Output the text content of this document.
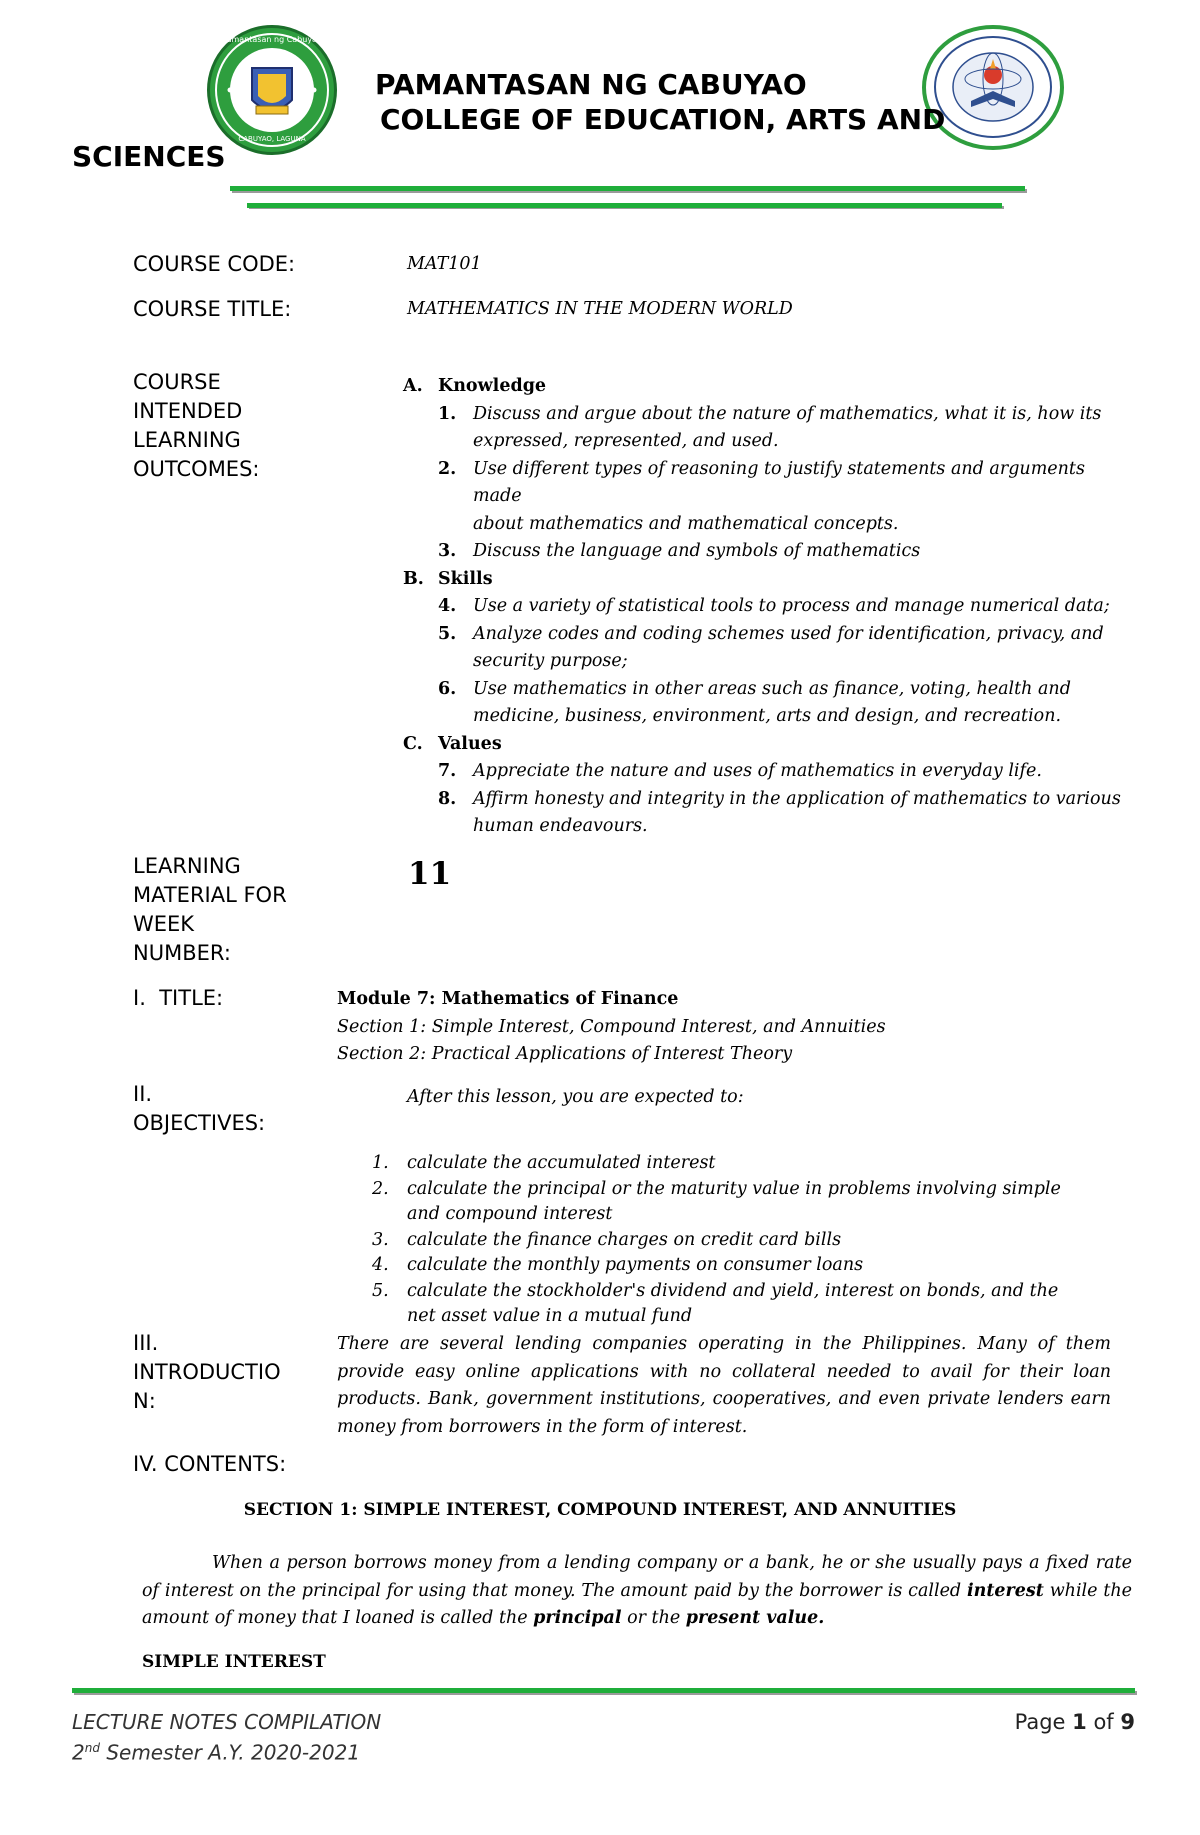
Pamantasan ng Cabuyao
CABUYAO, LAGUNA
PAMANTASAN NG CABUYAO
COLLEGE OF EDUCATION, ARTS AND
SCIENCES
COURSE CODE:	MAT101
COURSE TITLE:	MATHEMATICS IN THE MODERN WORLD
COURSE
INTENDED
LEARNING
OUTCOMES:
A. Knowledge
1. Discuss and argue about the nature of mathematics, what it is, how its
expressed, represented, and used.
2. Use different types of reasoning to justify statements and arguments made
about mathematics and mathematical concepts.
3. Discuss the language and symbols of mathematics
B. Skills
4. Use a variety of statistical tools to process and manage numerical data;
5. Analyze codes and coding schemes used for identification, privacy, and
security purpose;
6. Use mathematics in other areas such as finance, voting, health and
medicine, business, environment, arts and design, and recreation.
C. Values
7. Appreciate the nature and uses of mathematics in everyday life.
8. Affirm honesty and integrity in the application of mathematics to various
human endeavours.
LEARNING
MATERIAL FOR
WEEK
NUMBER:
11
I.  TITLE:	Module 7: Mathematics of Finance
Section 1: Simple Interest, Compound Interest, and Annuities
Section 2: Practical Applications of Interest Theory
II.
OBJECTIVES:
After this lesson, you are expected to:
1.	calculate the accumulated interest
2.	calculate the principal or the maturity value in problems involving simple
and compound interest
3.	calculate the finance charges on credit card bills
4.	calculate the monthly payments on consumer loans
5.	calculate the stockholder's dividend and yield, interest on bonds, and the
net asset value in a mutual fund
III.
INTRODUCTIO
N:
There are several lending companies operating in the Philippines. Many of them
provide easy online applications with no collateral needed to avail for their loan
products. Bank, government institutions, cooperatives, and even private lenders earn
money from borrowers in the form of interest.
IV. CONTENTS:
SECTION 1: SIMPLE INTEREST, COMPOUND INTEREST, AND ANNUITIES
When a person borrows money from a lending company or a bank, he or she usually pays a fixed rate
of interest on the principal for using that money. The amount paid by the borrower is called interest while the
amount of money that I loaned is called the principal or the present value.
SIMPLE INTEREST
LECTURE NOTES COMPILATION
2nd Semester A.Y. 2020-2021
Page 1 of 9
